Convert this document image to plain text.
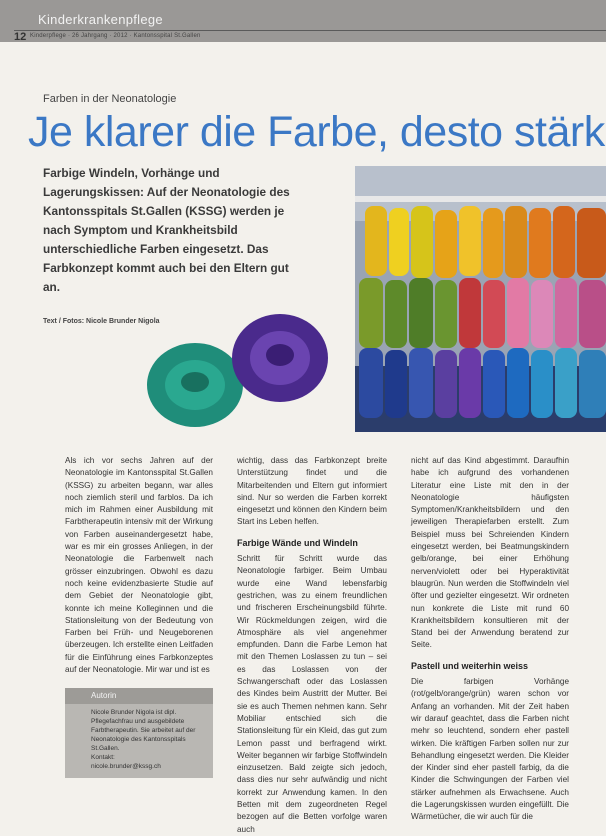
Kinderkrankenpflege
12 Kinderpflege · 26 Jahrgang · 2012 · Kantonsspital St.Gallen
Farben in der Neonatologie
Je klarer die Farbe, desto stärk
Farbige Windeln, Vorhänge und Lagerungskissen: Auf der Neonatologie des Kantonsspitals St.Gallen (KSSG) werden je nach Symptom und Krankheitsbild unterschiedliche Farben eingesetzt. Das Farbkonzept kommt auch bei den Eltern gut an.
Text / Fotos: Nicole Brunder Nigola

Als ich vor sechs Jahren auf der Neonatologie im Kantonsspital St.Gallen (KSSG) zu arbeiten begann, war alles noch ziemlich steril und farblos. Da ich mich im Rahmen einer Ausbildung mit Farbtherapeutin intensiv mit der Wirkung von Farben auseinandergesetzt habe, war es mir ein grosses Anliegen, in der Neonatologie die Farbenwelt nach grösser einzubringen. Obwohl es dazu noch keine evidenzbasierte Studie auf dem Gebiet der Neonatologie gibt, konnte ich meine Kolleginnen und die Stationsleitung von der Bedeutung von Farben bei Früh- und Neugeborenen überzeugen. Ich erstellte einen Leitfaden für die Einführung eines Farbkonzeptes auf der Neonatologie. Mir war und ist es

wichtig, dass das Farbkonzept breite Unterstützung findet und die Mitarbeitenden und Eltern gut informiert sind. Nur so werden die Farben korrekt eingesetzt und können den Kindern beim Start ins Leben helfen.

Farbige Wände und Windeln

Schritt für Schritt wurde das Neonatologie farbiger. Beim Umbau wurde eine Wand lebensfarbig gestrichen, was zu einem freundlichen und frischeren Erscheinungsbild führte. Wir Rückmeldungen zeigen, wird die Atmosphäre als viel angenehmer empfunden. Dann die Farbe Lemon hat mit den Themen Loslassen zu tun – sei es das Loslassen von der Schwangerschaft oder das Loslassen des Kindes beim Austritt der Mutter. Bei sie es auch Themen nehmen kann. Sehr Mobiliar entschied sich die Stationsleitung für ein Kleid, das gut zum Lemon passt und berfragend wirkt. Weiter begannen wir farbige Stoffwindeln einzusetzen. Bald zeigte sich jedoch, dass dies nur sehr aufwändig und nicht korrekt zur Anwendung kamen. In den Betten mit dem zugeordneten Regel bezogen auf die Betten vorfolge waren auch

nicht auf das Kind abgestimmt. Daraufhin habe ich aufgrund des vorhandenen Literatur eine Liste mit den in der Neonatologie häufigsten Symptomen/Krankheitsbildern und den jeweiligen Therapiefarben erstellt. Zum Beispiel muss bei Schreienden Kindern eingesetzt werden, bei Beatmungskindern gelb/orange, bei einer Erhöhung nerven/violett oder bei Hyperaktivität blaugrün. Nun werden die Stoffwindeln viel öfter und gezielter eingesetzt. Wir ordneten nun konkrete die Liste mit rund 60 Krankheitsbildern konsultieren mit der Stand bei der Anwendung beratend zur Seite.

Pastell und weiterhin weiss

Die farbigen Vorhänge (rot/gelb/orange/grün) waren schon vor Anfang an vorhanden. Mit der Zeit haben wir darauf geachtet, dass die Farben nicht mehr so leuchtend, sondern eher pastell wirken. Die kräftigen Farben sollen nur zur Behandlung eingesetzt werden. Die Kleider der Kinder sind eher pastell farbig, da die Kinder die Schwingungen der Farben viel stärker aufnehmen als Erwachsene. Auch die Lagerungskissen wurden eingefüllt. Die Wärmetücher, die wir auch für die

Autorin
Nicole Brunder Nigola ist dipl. Pflegefachfrau und ausgebildete Farbtherapeutin. Sie arbeitet auf der Neonatologie des Kantonsspitals St.Gallen.
Kontakt:
nicole.brunder@kssg.ch
